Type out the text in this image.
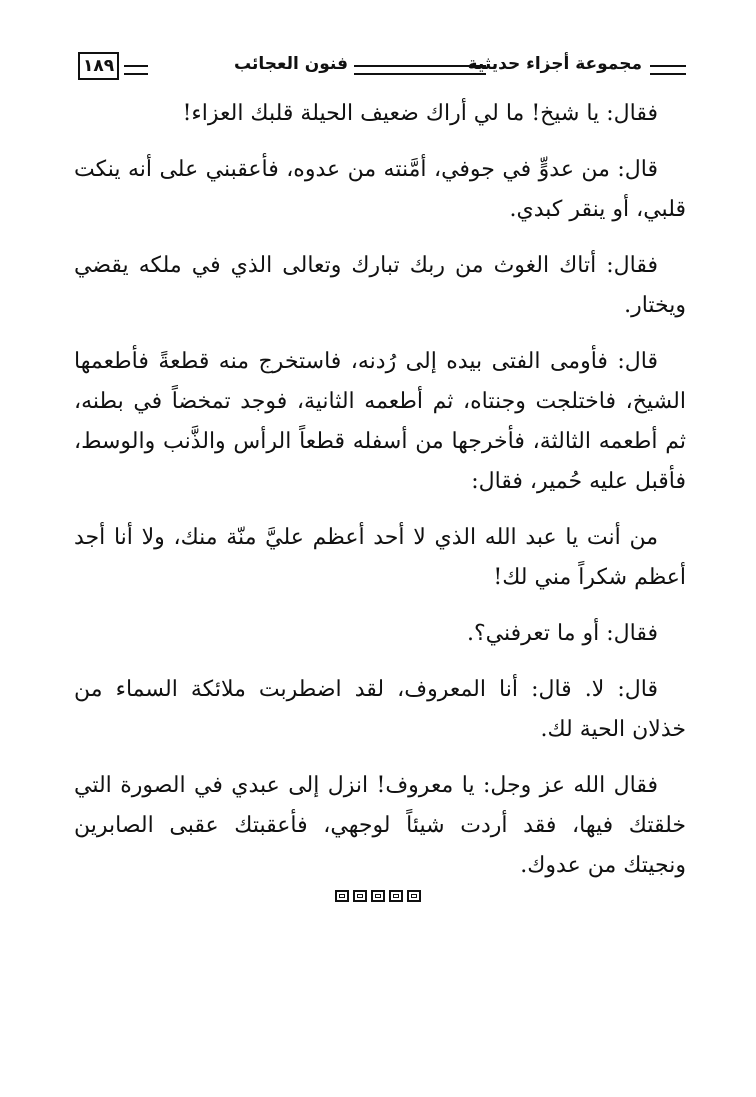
مجموعة أجزاء حديثية
فنون العجائب
١٨٩

فقال: يا شيخ! ما لي أراك ضعيف الحيلة قلبك العزاء!

قال: من عدوٍّ في جوفي، أمَّنته من عدوه، فأعقبني على أنه ينكت قلبي، أو ينقر كبدي.

فقال: أتاك الغوث من ربك تبارك وتعالى الذي في ملكه يقضي ويختار.

قال: فأومى الفتى بيده إلى رُدنه، فاستخرج منه قطعةً فأطعمها الشيخ، فاختلجت وجنتاه، ثم أطعمه الثانية، فوجد تمخضاً في بطنه، ثم أطعمه الثالثة، فأخرجها من أسفله قطعاً الرأس والذَّنب والوسط، فأقبل عليه حُمير، فقال:

من أنت يا عبد الله الذي لا أحد أعظم عليَّ منّة منك، ولا أنا أجد أعظم شكراً مني لك!

فقال: أو ما تعرفني؟.

قال: لا. قال: أنا المعروف، لقد اضطربت ملائكة السماء من خذلان الحية لك.

فقال الله عز وجل: يا معروف! انزل إلى عبدي في الصورة التي خلقتك فيها، فقد أردت شيئاً لوجهي، فأعقبتك عقبى الصابرين ونجيتك من عدوك.
